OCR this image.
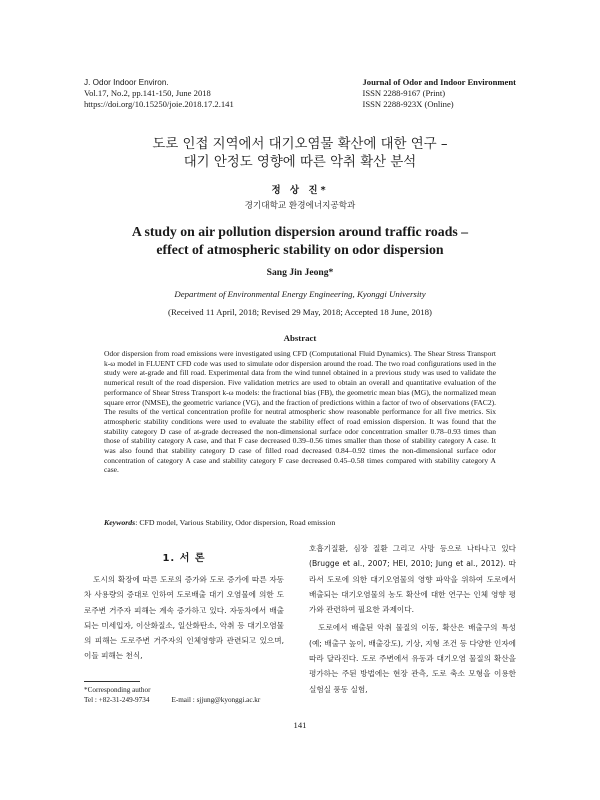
J. Odor Indoor Environ.
Vol.17, No.2, pp.141-150, June 2018
https://doi.org/10.15250/joie.2018.17.2.141
Journal of Odor and Indoor Environment
ISSN 2288-9167 (Print)
ISSN 2288-923X (Online)
도로 인접 지역에서 대기오염물 확산에 대한 연구 –
대기 안정도 영향에 따른 악취 확산 분석
정 상 진*
경기대학교 환경에너지공학과
A study on air pollution dispersion around traffic roads –
effect of atmospheric stability on odor dispersion
Sang Jin Jeong*
Department of Environmental Energy Engineering, Kyonggi University
(Received 11 April, 2018; Revised 29 May, 2018; Accepted 18 June, 2018)
Abstract
Odor dispersion from road emissions were investigated using CFD (Computational Fluid Dynamics). The Shear Stress Transport k-ω model in FLUENT CFD code was used to simulate odor dispersion around the road. The two road configurations used in the study were at-grade and fill road. Experimental data from the wind tunnel obtained in a previous study was used to validate the numerical result of the road dispersion. Five validation metrics are used to obtain an overall and quantitative evaluation of the performance of Shear Stress Transport k-ω models: the fractional bias (FB), the geometric mean bias (MG), the normalized mean square error (NMSE), the geometric variance (VG), and the fraction of predictions within a factor of two of observations (FAC2). The results of the vertical concentration profile for neutral atmospheric show reasonable performance for all five metrics. Six atmospheric stability conditions were used to evaluate the stability effect of road emission dispersion. It was found that the stability category D case of at-grade decreased the non-dimensional surface odor concentration smaller 0.78–0.93 times than those of stability category A case, and that F case decreased 0.39–0.56 times smaller than those of stability category A case. It was also found that stability category D case of filled road decreased 0.84–0.92 times the non-dimensional surface odor concentration of category A case and stability category F case decreased 0.45–0.58 times compared with stability category A case.
Keywords: CFD model, Various Stability, Odor dispersion, Road emission
1. 서 론

도시의 확장에 따른 도로의 증가와 도로 증가에 따른 자동차 사용량의 증대로 인하여 도로배출 대기 오염물에 의한 도로주변 거주자 피해는 계속 증가하고 있다. 자동차에서 배출되는 미세입자, 이산화질소, 일산화탄소, 악취 등 대기오염물의 피해는 도로주변 거주자의 인체영향과 관련되고 있으며, 이들 피해는 천식,

호흡기질환, 심장 질환 그리고 사망 등으로 나타나고 있다(Brugge et al., 2007; HEI, 2010; Jung et al., 2012). 따라서 도로에 의한 대기오염물의 영향 파악을 위하여 도로에서 배출되는 대기오염물의 농도 확산에 대한 연구는 인체 영향 평가와 관련하여 필요한 과제이다.

도로에서 배출된 악취 물질의 이동, 확산은 배출구의 특성(예; 배출구 높이, 배출강도), 기상, 지형 조건 등 다양한 인자에 따라 달라진다. 도로 주변에서 유동과 대기오염 물질의 확산을 평가하는 주된 방법에는 현장 관측, 도로 축소 모형을 이용한 실험실 풍동 실험,

*Corresponding author
Tel : +82-31-249-9734	E-mail : sjjung@kyonggi.ac.kr
141
